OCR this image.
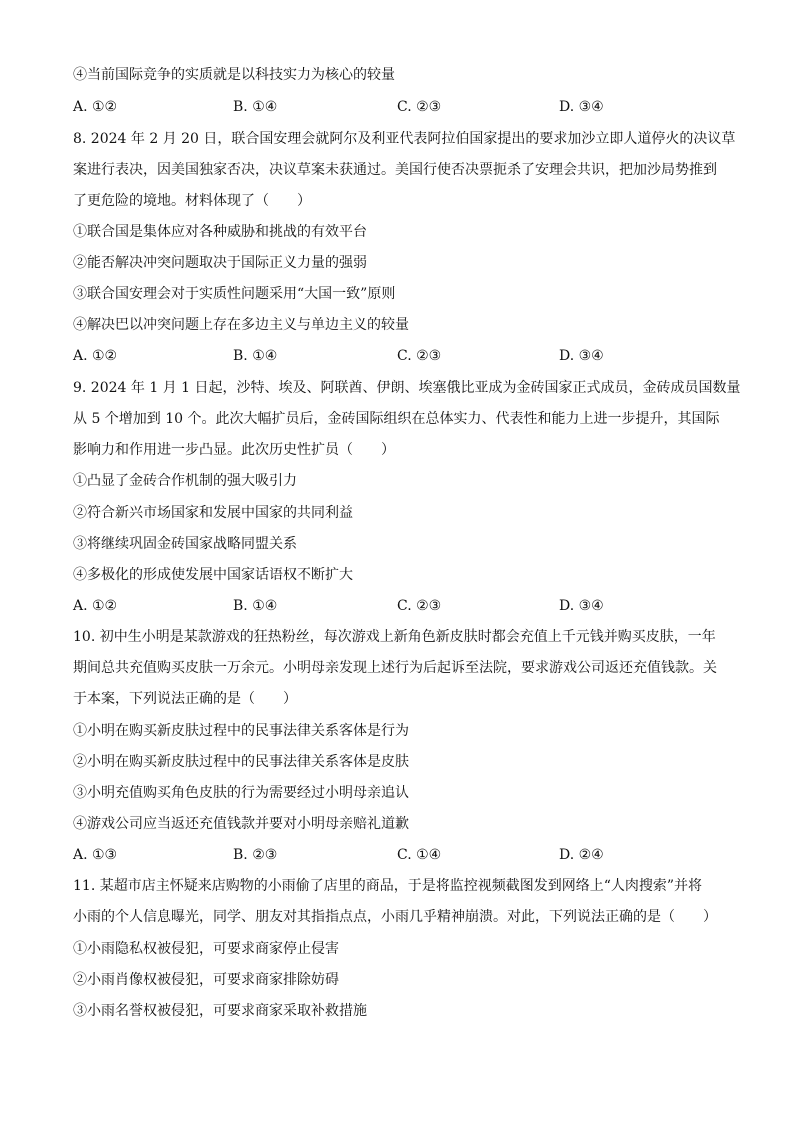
④当前国际竞争的实质就是以科技实力为核心的较量
A. ①②	B. ①④	C. ②③	D. ③④
8. 2024 年 2 月 20 日，联合国安理会就阿尔及利亚代表阿拉伯国家提出的要求加沙立即人道停火的决议草
案进行表决，因美国独家否决，决议草案未获通过。美国行使否决票扼杀了安理会共识，把加沙局势推到
了更危险的境地。材料体现了（　　）
①联合国是集体应对各种威胁和挑战的有效平台
②能否解决冲突问题取决于国际正义力量的强弱
③联合国安理会对于实质性问题采用“大国一致”原则
④解决巴以冲突问题上存在多边主义与单边主义的较量
A. ①②	B. ①④	C. ②③	D. ③④
9. 2024 年 1 月 1 日起，沙特、埃及、阿联酋、伊朗、埃塞俄比亚成为金砖国家正式成员，金砖成员国数量
从 5 个增加到 10 个。此次大幅扩员后，金砖国际组织在总体实力、代表性和能力上进一步提升，其国际
影响力和作用进一步凸显。此次历史性扩员（　　）
①凸显了金砖合作机制的强大吸引力
②符合新兴市场国家和发展中国家的共同利益
③将继续巩固金砖国家战略同盟关系
④多极化的形成使发展中国家话语权不断扩大
A. ①②	B. ①④	C. ②③	D. ③④
10. 初中生小明是某款游戏的狂热粉丝，每次游戏上新角色新皮肤时都会充值上千元钱并购买皮肤，一年
期间总共充值购买皮肤一万余元。小明母亲发现上述行为后起诉至法院，要求游戏公司返还充值钱款。关
于本案，下列说法正确的是（　　）
①小明在购买新皮肤过程中的民事法律关系客体是行为
②小明在购买新皮肤过程中的民事法律关系客体是皮肤
③小明充值购买角色皮肤的行为需要经过小明母亲追认
④游戏公司应当返还充值钱款并要对小明母亲赔礼道歉
A. ①③	B. ②③	C. ①④	D. ②④
11. 某超市店主怀疑来店购物的小雨偷了店里的商品，于是将监控视频截图发到网络上“人肉搜索”并将
小雨的个人信息曝光，同学、朋友对其指指点点，小雨几乎精神崩溃。对此，下列说法正确的是（　　）
①小雨隐私权被侵犯，可要求商家停止侵害
②小雨肖像权被侵犯，可要求商家排除妨碍
③小雨名誉权被侵犯，可要求商家采取补救措施
